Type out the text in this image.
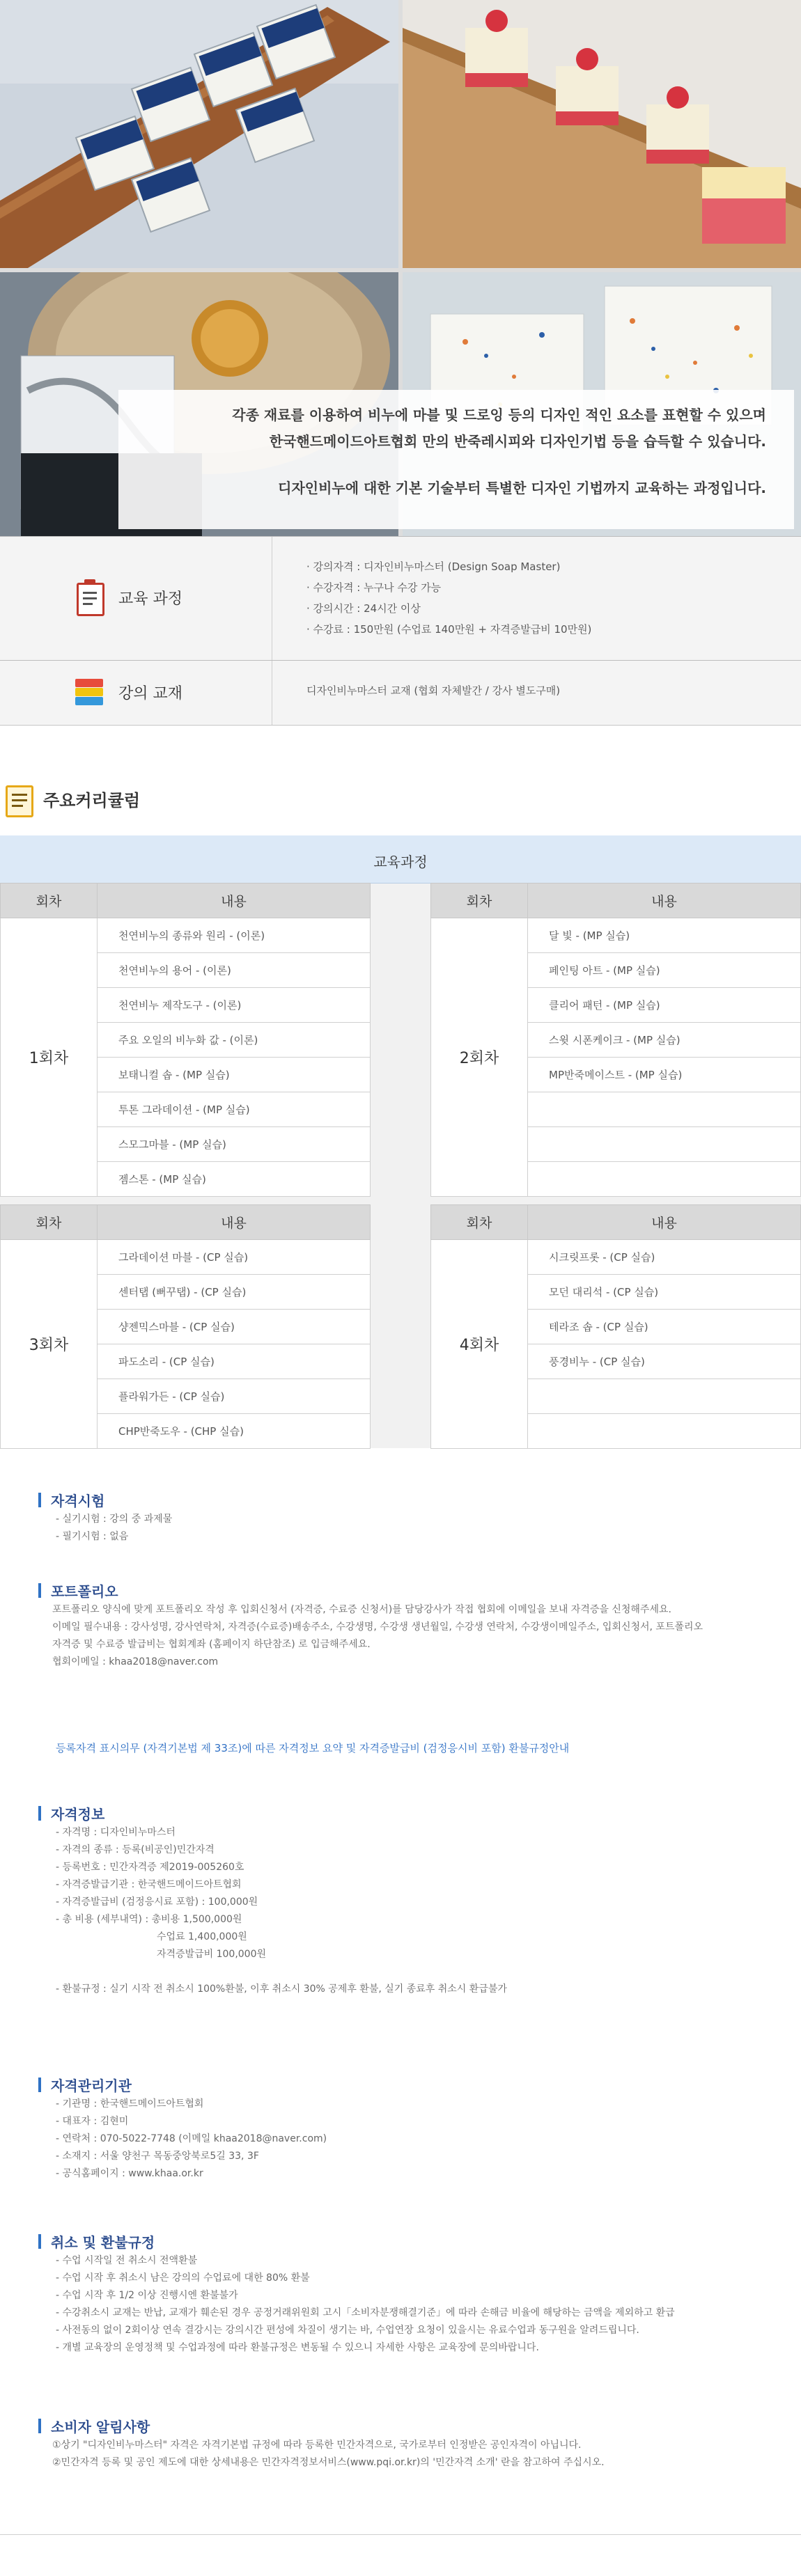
각종 재료를 이용하여 비누에 마블 및 드로잉 등의 디자인 적인 요소를 표현할 수 있으며
한국핸드메이드아트협회 만의 반죽레시피와 디자인기법 등을 습득할 수 있습니다.
디자인비누에 대한 기본 기술부터 특별한 디자인 기법까지 교육하는 과정입니다.
교육 과정
· 강의자격 : 디자인비누마스터 (Design Soap Master)
· 수강자격 : 누구나 수강 가능
· 강의시간 : 24시간 이상
· 수강료 : 150만원 (수업료 140만원 + 자격증발급비 10만원)
강의 교재	디자인비누마스터 교재 (협회 자체발간 / 강사 별도구매)
주요커리큘럼
교육과정
회차	내용
1회차	천연비누의 종류와 원리 - (이론)
	천연비누의 용어 - (이론)
	천연비누 제작도구 - (이론)
	주요 오일의 비누화 값 - (이론)
	보태니컬 솝 - (MP 실습)
	투톤 그라데이션 - (MP 실습)
	스모그마블 - (MP 실습)
	젬스톤 - (MP 실습)
회차	내용
2회차	달 빛 - (MP 실습)
	페인팅 아트 - (MP 실습)
	클리어 패턴 - (MP 실습)
	스윗 시폰케이크 - (MP 실습)
	MP반죽메이스트 - (MP 실습)

회차	내용
3회차	그라데이션 마블 - (CP 실습)
	센터탭 (뻐꾸탭) - (CP 실습)
	샹젠믹스마블 - (CP 실습)
	파도소리 - (CP 실습)
	플라워가든 - (CP 실습)
	CHP반죽도우 - (CHP 실습)
회차	내용
4회차	시크릿프롯 - (CP 실습)
	모던 대리석 - (CP 실습)
	테라조 솝 - (CP 실습)
	풍경비누 - (CP 실습)

자격시험
- 실기시험 : 강의 중 과제물
- 필기시험 : 없음
포트폴리오
포트폴리오 양식에 맞게 포트폴리오 작성 후 입회신청서 (자격증, 수료증 신청서)를 담당강사가 작접 협회에 이메일을 보내 자격증을 신청해주세요.
이메일 필수내용 : 강사성명, 강사연락처, 자격증(수료증)배송주소, 수강생명, 수강생 생년월일, 수강생 연락처, 수강생이메일주소, 입회신청서, 포트폴리오
자격증 및 수료증 발급비는 협회계좌 (홈페이지 하단참조) 로 입금해주세요.
협회이메일 : khaa2018@naver.com
등록자격 표시의무 (자격기본법 제 33조)에 따른 자격정보 요약 및 자격증발급비 (검정응시비 포함) 환불규정안내
자격정보
- 자격명 : 디자인비누마스터
- 자격의 종류 : 등록(비공인)민간자격
- 등록번호 : 민간자격증 제2019-005260호
- 자격증발급기관 : 한국핸드메이드아트협회
- 자격증발급비 (검정응시료 포함) : 100,000원
- 총 비용 (세부내역) : 총비용 1,500,000원
수업료 1,400,000원
자격증발급비 100,000원
- 환불규정 : 실기 시작 전 취소시 100%환불, 이후 취소시 30% 공제후 환불, 실기 종료후 취소시 환급불가
자격관리기관
- 기관명 : 한국핸드메이드아트협회
- 대표자 : 김현미
- 연락처 : 070-5022-7748 (이메일 khaa2018@naver.com)
- 소재지 : 서울 양천구 목동중앙북로5길 33, 3F
- 공식홈페이지 : www.khaa.or.kr
취소 및 환불규정
- 수업 시작일 전 취소시 전액환불
- 수업 시작 후 취소시 남은 강의의 수업료에 대한 80% 환불
- 수업 시작 후 1/2 이상 진행시엔 환불불가
- 수강취소시 교재는 반납, 교재가 훼손된 경우 공정거래위원회 고시「소비자분쟁해결기준」에 따라 손해금 비율에 해당하는 금액을 제외하고 환급
- 사전동의 없이 2회이상 연속 결강시는 강의시간 편성에 차질이 생기는 바, 수업연장 요청이 있을시는 유료수업과 동구원을 알려드립니다.
- 개별 교육장의 운영정책 및 수업과정에 따라 환불규정은 변동될 수 있으니 자세한 사항은 교육장에 문의바랍니다.
소비자 알림사항
①상기 "디자인비누마스터" 자격은 자격기본법 규정에 따라 등록한 민간자격으로, 국가로부터 인정받은 공인자격이 아닙니다.
②민간자격 등록 및 공인 제도에 대한 상세내용은 민간자격정보서비스(www.pqi.or.kr)의 '민간자격 소개' 란을 참고하여 주십시오.
